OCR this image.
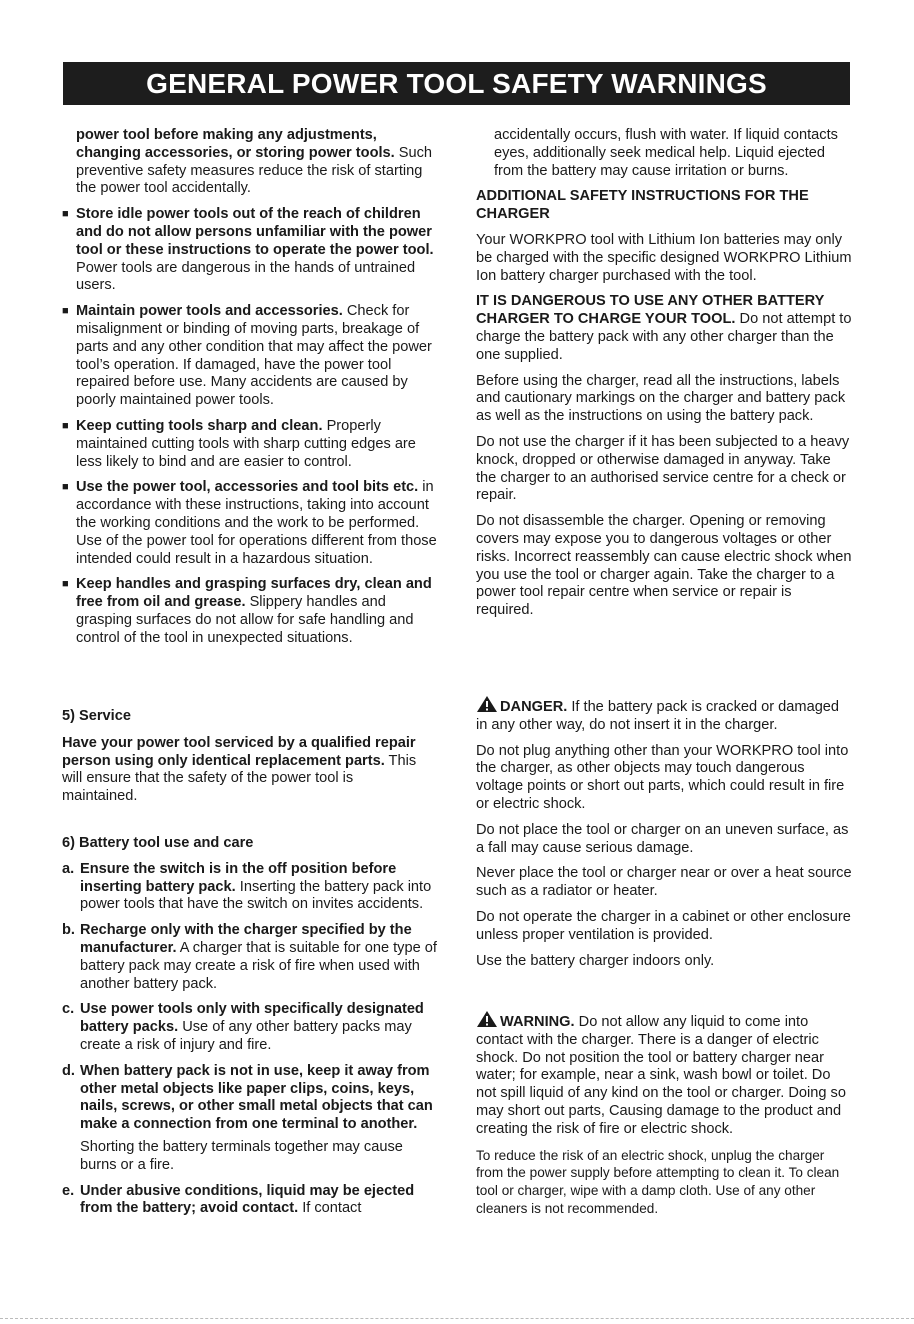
GENERAL POWER TOOL SAFETY WARNINGS

power tool before making any adjustments, changing accessories, or storing power tools. Such preventive safety measures reduce the risk of starting the power tool accidentally.

■ Store idle power tools out of the reach of children and do not allow persons unfamiliar with the power tool or these instructions to operate the power tool. Power tools are dangerous in the hands of untrained users.
■ Maintain power tools and accessories. Check for misalignment or binding of moving parts, breakage of parts and any other condition that may affect the power tool’s operation. If damaged, have the power tool repaired before use. Many accidents are caused by poorly maintained power tools.
■ Keep cutting tools sharp and clean. Properly maintained cutting tools with sharp cutting edges are less likely to bind and are easier to control.
■ Use the power tool, accessories and tool bits etc. in accordance with these instructions, taking into account the working conditions and the work to be performed. Use of the power tool for operations different from those intended could result in a hazardous situation.
■ Keep handles and grasping surfaces dry, clean and free from oil and grease. Slippery handles and grasping surfaces do not allow for safe handling and control of the tool in unexpected situations.

5) Service

Have your power tool serviced by a qualified repair person using only identical replacement parts. This will ensure that the safety of the power tool is maintained.

6) Battery tool use and care

a. Ensure the switch is in the off position before inserting battery pack. Inserting the battery pack into power tools that have the switch on invites accidents.
b. Recharge only with the charger specified by the manufacturer. A charger that is suitable for one type of battery pack may create a risk of fire when used with another battery pack.
c. Use power tools only with specifically designated battery packs. Use of any other battery packs may create a risk of injury and fire.
d. When battery pack is not in use, keep it away from other metal objects like paper clips, coins, keys, nails, screws, or other small metal objects that can make a connection from one terminal to another.

Shorting the battery terminals together may cause burns or a fire.

e. Under abusive conditions, liquid may be ejected from the battery; avoid contact. If contact

accidentally occurs, flush with water. If liquid contacts eyes, additionally seek medical help. Liquid ejected from the battery may cause irritation or burns.

ADDITIONAL SAFETY INSTRUCTIONS FOR THE CHARGER

Your WORKPRO tool with Lithium Ion batteries may only be charged with the specific designed WORKPRO Lithium Ion battery charger purchased with the tool.

IT IS DANGEROUS TO USE ANY OTHER BATTERY CHARGER TO CHARGE YOUR TOOL. Do not attempt to charge the battery pack with any other charger than the one supplied.

Before using the charger, read all the instructions, labels and cautionary markings on the charger and battery pack as well as the instructions on using the battery pack.

Do not use the charger if it has been subjected to a heavy knock, dropped or otherwise damaged in anyway. Take the charger to an authorised service centre for a check or repair.

Do not disassemble the charger. Opening or removing covers may expose you to dangerous voltages or other risks. Incorrect reassembly can cause electric shock when you use the tool or charger again. Take the charger to a power tool repair centre when service or repair is required.

DANGER. If the battery pack is cracked or damaged in any other way, do not insert it in the charger.

Do not plug anything other than your WORKPRO tool into the charger, as other objects may touch dangerous voltage points or short out parts, which could result in fire or electric shock.

Do not place the tool or charger on an uneven surface, as a fall may cause serious damage.

Never place the tool or charger near or over a heat source such as a radiator or heater.

Do not operate the charger in a cabinet or other enclosure unless proper ventilation is provided.

Use the battery charger indoors only.

WARNING. Do not allow any liquid to come into contact with the charger. There is a danger of electric shock. Do not position the tool or battery charger near water; for example, near a sink, wash bowl or toilet. Do not spill liquid of any kind on the tool or charger. Doing so may short out parts, Causing damage to the product and creating the risk of fire or electric shock.

To reduce the risk of an electric shock, unplug the charger from the power supply before attempting to clean it. To clean tool or charger, wipe with a damp cloth. Use of any other cleaners is not recommended.
